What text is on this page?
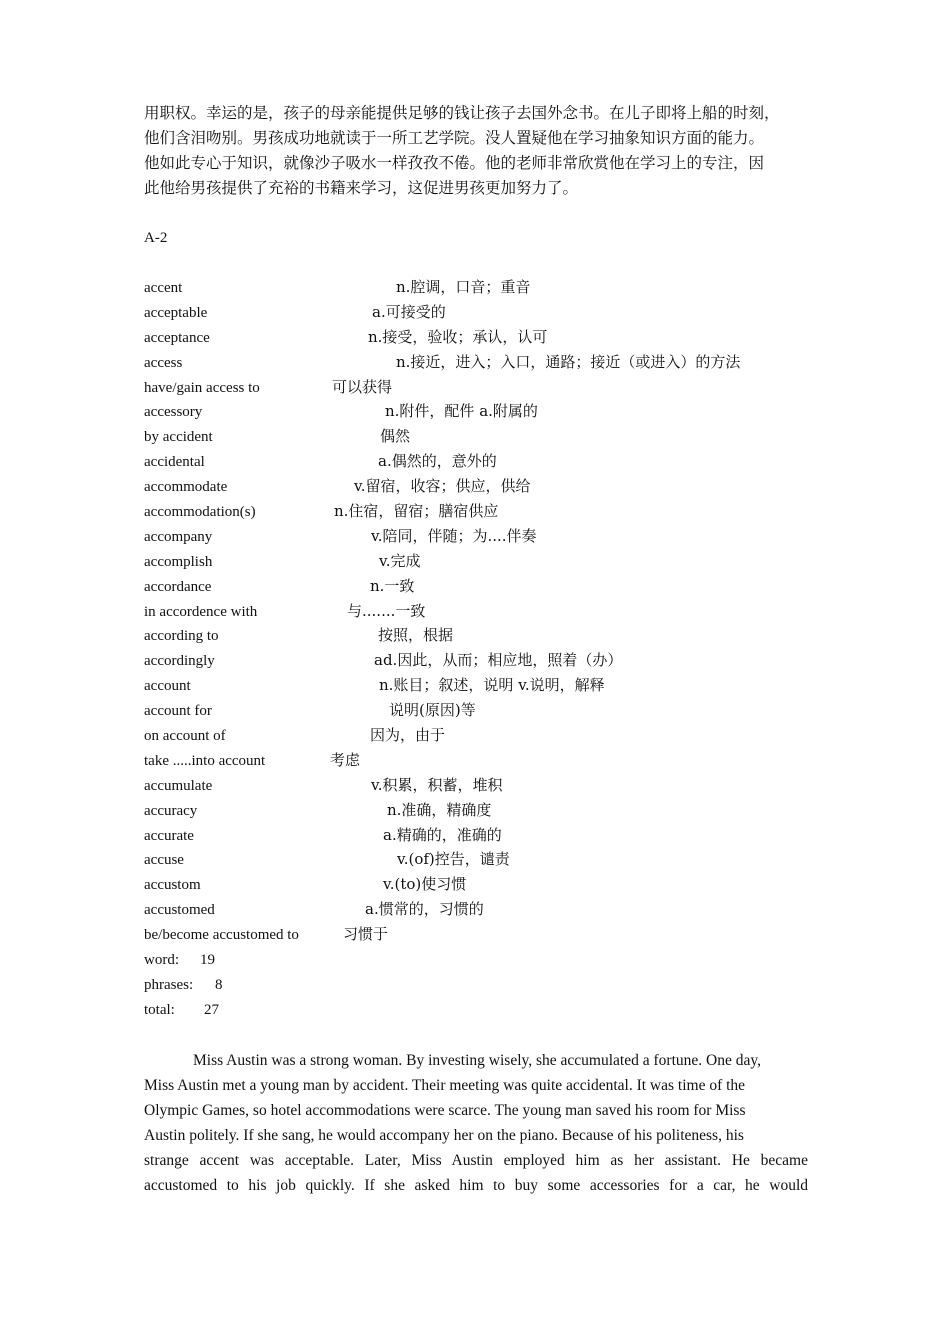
用职权。幸运的是，孩子的母亲能提供足够的钱让孩子去国外念书。在儿子即将上船的时刻，
他们含泪吻别。男孩成功地就读于一所工艺学院。没人置疑他在学习抽象知识方面的能力。
他如此专心于知识，就像沙子吸水一样孜孜不倦。他的老师非常欣赏他在学习上的专注，因
此他给男孩提供了充裕的书籍来学习，这促进男孩更加努力了。
A-2
accent	n.腔调，口音；重音
acceptable	a.可接受的
acceptance	n.接受，验收；承认，认可
access	n.接近，进入；入口，通路；接近（或进入）的方法
have/gain access to	可以获得
accessory	n.附件，配件 a.附属的
by accident	偶然
accidental	a.偶然的，意外的
accommodate	v.留宿，收容；供应，供给
accommodation(s)	n.住宿，留宿；膳宿供应
accompany	v.陪同，伴随；为....伴奏
accomplish	v.完成
accordance	n.一致
in accordence with	与.......一致
according to	按照，根据
accordingly	ad.因此，从而；相应地，照着（办）
account	n.账目；叙述，说明 v.说明，解释
account for	说明(原因)等
on account of	因为，由于
take .....into account	考虑
accumulate	v.积累，积蓄，堆积
accuracy	n.准确，精确度
accurate	a.精确的，准确的
accuse	v.(of)控告，谴责
accustom	v.(to)使习惯
accustomed	a.惯常的，习惯的
be/become accustomed to	习惯于
word: 19
phrases: 8
total: 27
Miss Austin was a strong woman. By investing wisely, she accumulated a fortune. One day,
Miss Austin met a young man by accident. Their meeting was quite accidental. It was time of the
Olympic Games, so hotel accommodations were scarce. The young man saved his room for Miss
Austin politely. If she sang, he would accompany her on the piano. Because of his politeness, his
strange accent was acceptable. Later, Miss Austin employed him as her assistant. He became
accustomed to his job quickly. If she asked him to buy some accessories for a car, he would
